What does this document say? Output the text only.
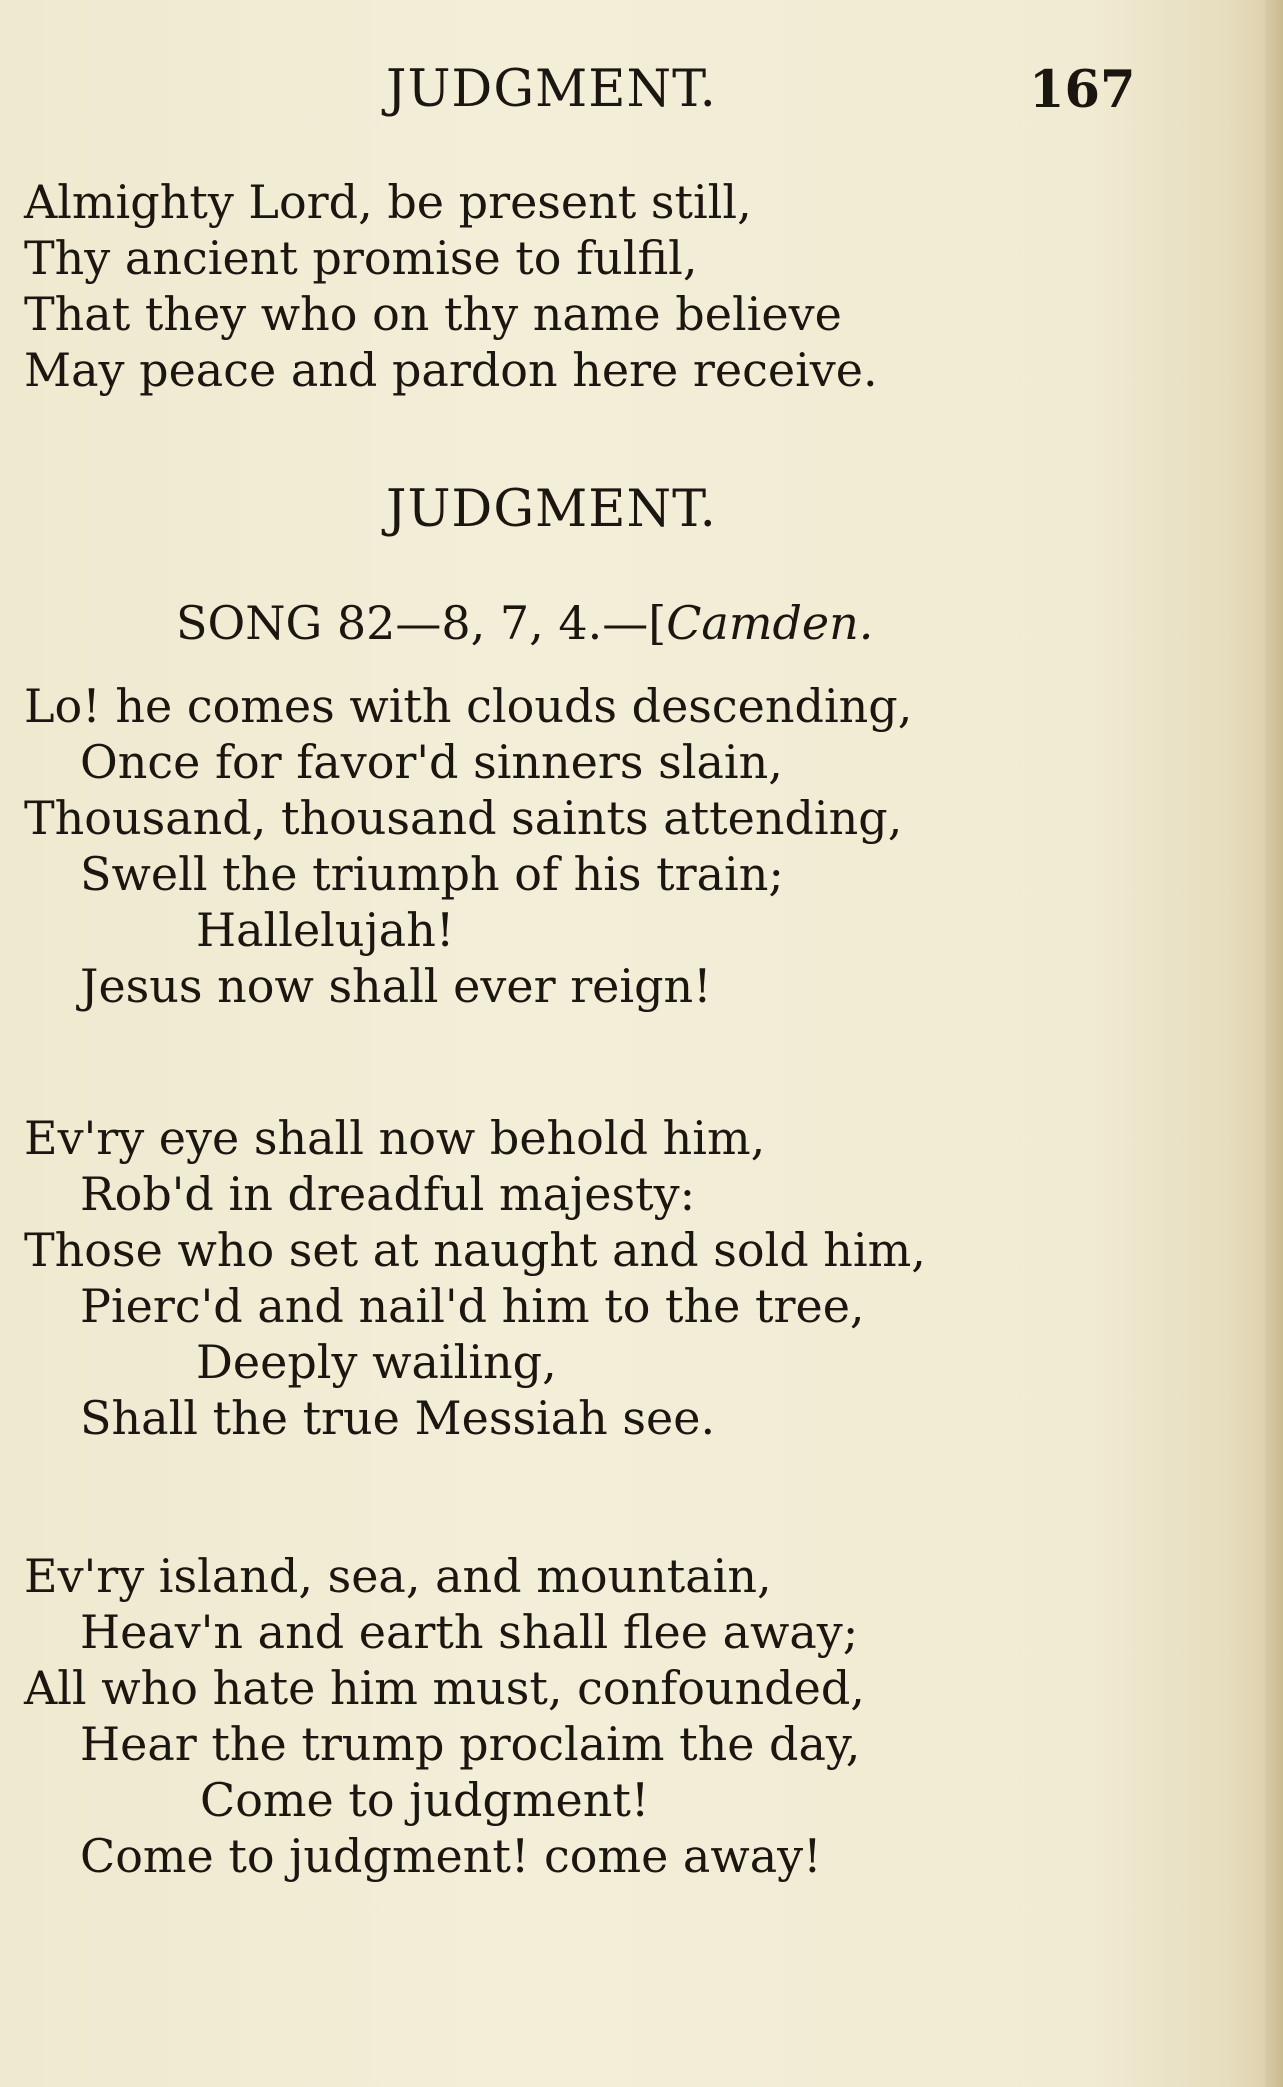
JUDGMENT.	167
Almighty Lord, be present still,
Thy ancient promise to fulfil,
That they who on thy name believe
May peace and pardon here receive.
JUDGMENT.
SONG 82—8, 7, 4.—[Camden.
Lo! he comes with clouds descending,
Once for favor'd sinners slain,
Thousand, thousand saints attending,
Swell the triumph of his train;
Hallelujah!
Jesus now shall ever reign!
Ev'ry eye shall now behold him,
Rob'd in dreadful majesty:
Those who set at naught and sold him,
Pierc'd and nail'd him to the tree,
Deeply wailing,
Shall the true Messiah see.
Ev'ry island, sea, and mountain,
Heav'n and earth shall flee away;
All who hate him must, confounded,
Hear the trump proclaim the day,
Come to judgment!
Come to judgment! come away!
